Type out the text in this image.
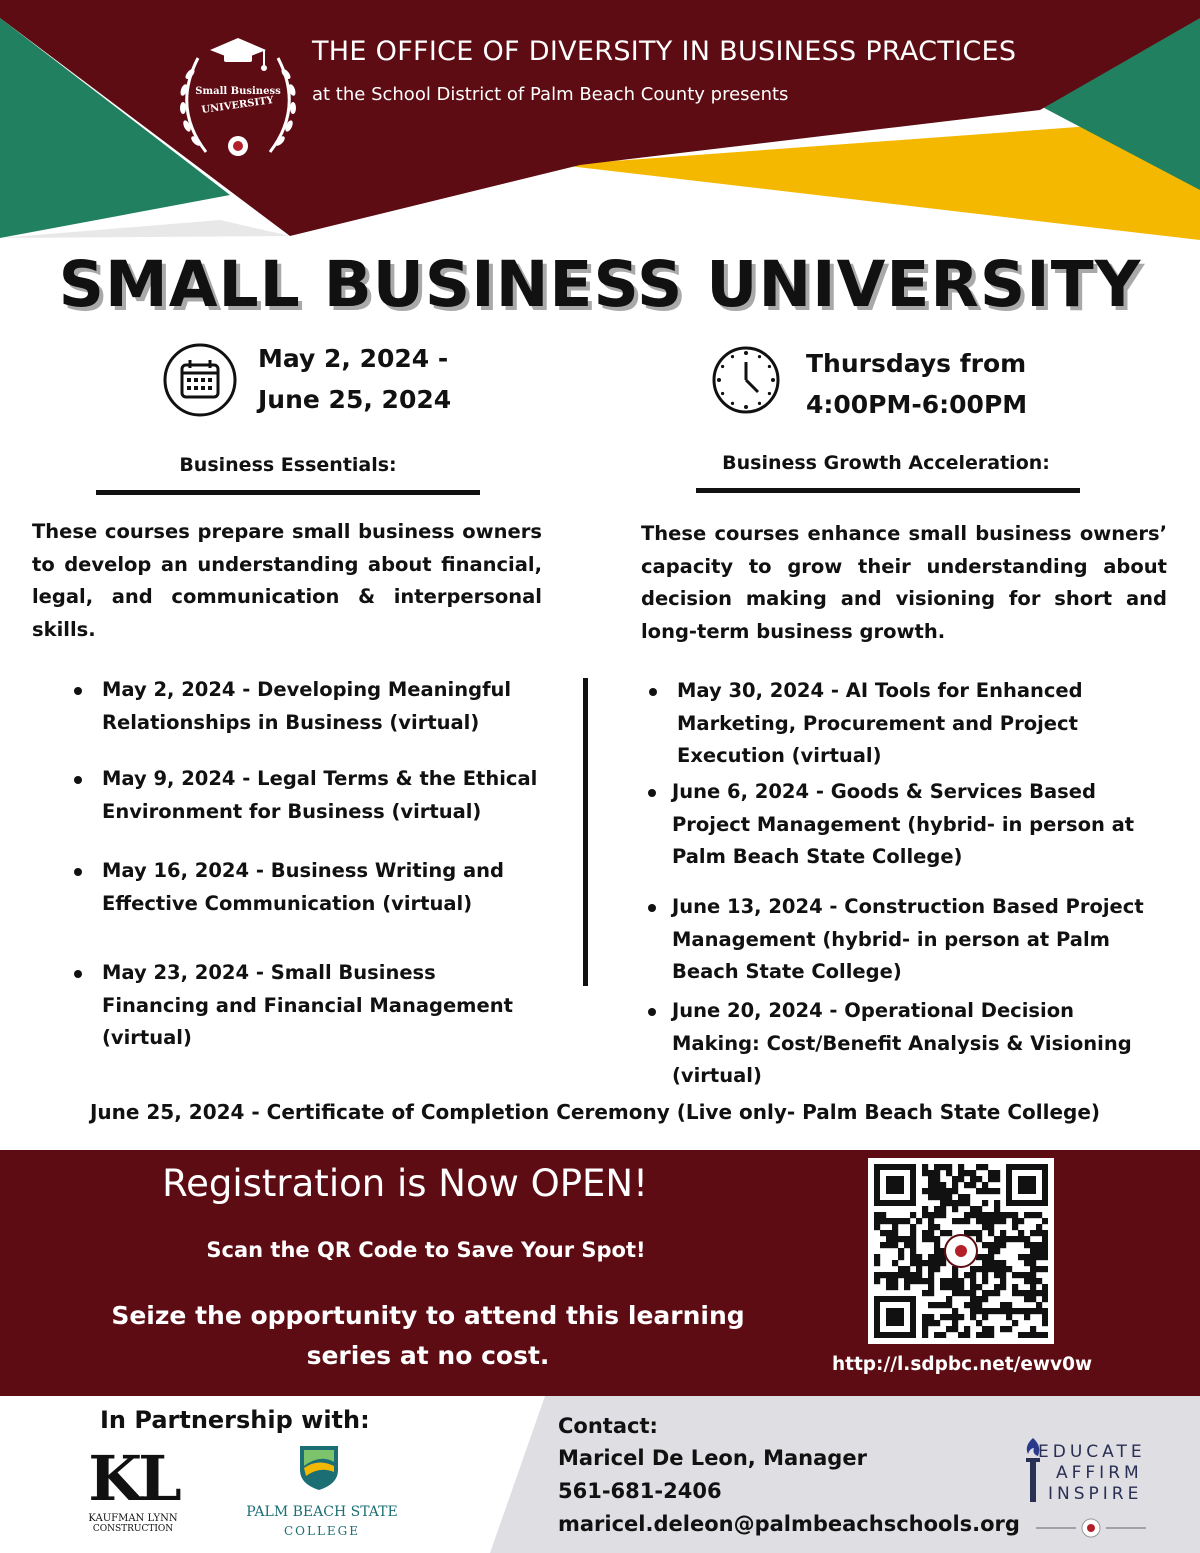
Small Business
UNIVERSITY
THE OFFICE OF DIVERSITY IN BUSINESS PRACTICES
at the School District of Palm Beach County presents
SMALL BUSINESS UNIVERSITY
May 2, 2024 -
June 25, 2024
Thursdays from
4:00PM-6:00PM
Business Essentials:	Business Growth Acceleration:
These courses prepare small business owners to develop an understanding about financial, legal, and communication & interpersonal skills.
These courses enhance small business owners’ capacity to grow their understanding about decision making and visioning for short and long-term business growth.
May 2, 2024 - Developing Meaningful Relationships in Business (virtual)
May 9, 2024 - Legal Terms & the Ethical Environment for Business (virtual)
May 16, 2024 - Business Writing and Effective Communication (virtual)
May 23, 2024 - Small Business Financing and Financial Management (virtual)
May 30, 2024 - AI Tools for Enhanced Marketing, Procurement and Project Execution (virtual)
June 6, 2024 - Goods & Services Based Project Management (hybrid- in person at Palm Beach State College)
June 13, 2024 - Construction Based Project Management (hybrid- in person at Palm Beach State College)
June 20, 2024 - Operational Decision Making: Cost/Benefit Analysis & Visioning (virtual)
June 25, 2024 - Certificate of Completion Ceremony (Live only- Palm Beach State College)
Registration is Now OPEN!
Scan the QR Code to Save Your Spot!
Seize the opportunity to attend this learning series at no cost.	http://l.sdpbc.net/ewv0w
In Partnership with:
KL
KAUFMAN LYNN
CONSTRUCTION
PALM BEACH STATE
COLLEGE
Contact:
Maricel De Leon, Manager
561-681-2406
maricel.deleon@palmbeachschools.org
EDUCATE
AFFIRM
INSPIRE
